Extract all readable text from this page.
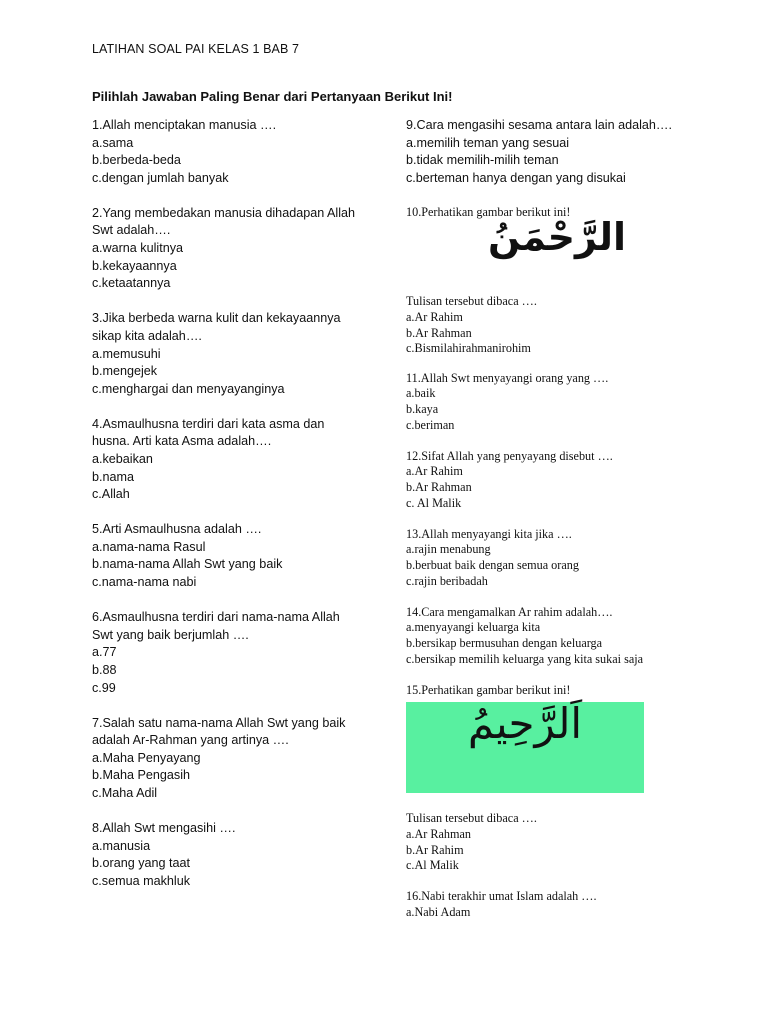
LATIHAN SOAL PAI KELAS 1 BAB 7
Pilihlah Jawaban Paling Benar dari Pertanyaan Berikut Ini!
1.Allah menciptakan manusia ….
a.sama
b.berbeda-beda
c.dengan jumlah banyak
2.Yang membedakan manusia dihadapan Allah
Swt adalah….
a.warna kulitnya
b.kekayaannya
c.ketaatannya
3.Jika berbeda warna kulit dan kekayaannya
sikap kita adalah….
a.memusuhi
b.mengejek
c.menghargai dan menyayanginya
4.Asmaulhusna terdiri dari kata asma dan
husna. Arti kata Asma adalah….
a.kebaikan
b.nama
c.Allah
5.Arti Asmaulhusna adalah ….
a.nama-nama Rasul
b.nama-nama Allah Swt yang baik
c.nama-nama nabi
6.Asmaulhusna terdiri dari nama-nama Allah
Swt yang baik berjumlah ….
a.77
b.88
c.99
7.Salah satu nama-nama Allah Swt yang baik
adalah Ar-Rahman yang artinya ….
a.Maha Penyayang
b.Maha Pengasih
c.Maha Adil
8.Allah Swt mengasihi ….
a.manusia
b.orang yang taat
c.semua makhluk
9.Cara mengasihi sesama antara lain adalah….
a.memilih teman yang sesuai
b.tidak memilih-milih teman
c.berteman hanya dengan yang disukai
10.Perhatikan gambar berikut ini!
الرَّحْمَنُ
Tulisan tersebut dibaca ….
a.Ar Rahim
b.Ar Rahman
c.Bismilahirahmanirohim
11.Allah Swt menyayangi orang yang ….
a.baik
b.kaya
c.beriman
12.Sifat Allah yang penyayang disebut ….
a.Ar Rahim
b.Ar Rahman
c. Al Malik
13.Allah menyayangi kita jika ….
a.rajin menabung
b.berbuat baik dengan semua orang
c.rajin beribadah
14.Cara mengamalkan Ar rahim adalah….
a.menyayangi keluarga kita
b.bersikap bermusuhan dengan keluarga
c.bersikap memilih keluarga yang kita sukai saja
15.Perhatikan gambar berikut ini!
اَلرَّحِيمُ
Tulisan tersebut dibaca ….
a.Ar Rahman
b.Ar Rahim
c.Al Malik
16.Nabi terakhir umat Islam adalah ….
a.Nabi Adam
